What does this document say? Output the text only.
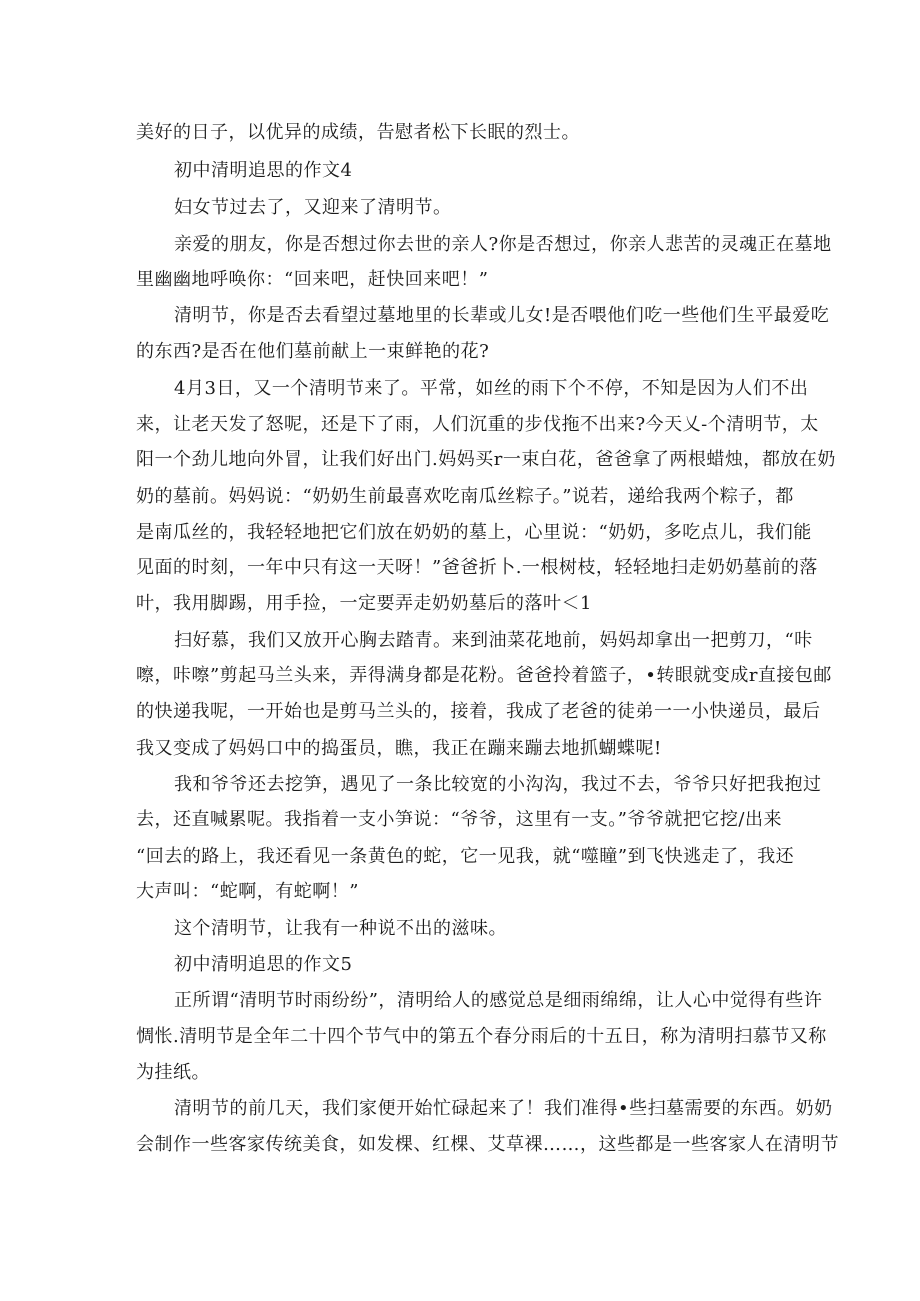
美好的日子，以优异的成绩，告慰者松下长眠的烈士。
初中清明追思的作文4
妇女节过去了，又迎来了清明节。
亲爱的朋友，你是否想过你去世的亲人?你是否想过，你亲人悲苦的灵魂正在墓地
里幽幽地呼唤你：“回来吧，赶快回来吧！”
清明节，你是否去看望过墓地里的长辈或儿女!是否喂他们吃一些他们生平最爱吃
的东西?是否在他们墓前献上一束鲜艳的花?
4月3日，又一个清明节来了。平常，如丝的雨下个不停，不知是因为人们不出
来，让老天发了怒呢，还是下了雨，人们沉重的步伐拖不出来?今天乂-个清明节，太
阳一个劲儿地向外冒，让我们好出门.妈妈买r一束白花，爸爸拿了两根蜡烛，都放在奶
奶的墓前。妈妈说：“奶奶生前最喜欢吃南瓜丝粽子。”说若，递给我两个粽子，都
是南瓜丝的，我轻轻地把它们放在奶奶的墓上，心里说：“奶奶，多吃点儿，我们能
见面的时刻，一年中只有这一天呀！”爸爸折卜.一根树枝，轻轻地扫走奶奶墓前的落
叶，我用脚踢，用手捡，一定要弄走奶奶墓后的落叶＜1
扫好慕，我们又放开心胸去踏青。来到油菜花地前，妈妈却拿出一把剪刀，“咔
嚓，咔嚓”剪起马兰头来，弄得满身都是花粉。爸爸拎着篮子，•转眼就变成r直接包邮
的快递我呢，一开始也是剪马兰头的，接着，我成了老爸的徒弟一一小快递员，最后
我又变成了妈妈口中的捣蛋员，瞧，我正在蹦来蹦去地抓蝴蝶呢!
我和爷爷还去挖笋，遇见了一条比较宽的小沟沟，我过不去，爷爷只好把我抱过
去，还直喊累呢。我指着一支小笋说：“爷爷，这里有一支。”爷爷就把它挖/出来
“回去的路上，我还看见一条黄色的蛇，它一见我，就“噬瞳”到飞快逃走了，我还
大声叫：“蛇啊，有蛇啊！”
这个清明节，让我有一种说不出的滋味。
初中清明追思的作文5
正所谓“清明节时雨纷纷”，清明给人的感觉总是细雨绵绵，让人心中觉得有些许
惆怅.清明节是全年二十四个节气中的第五个春分雨后的十五日，称为清明扫慕节又称
为挂纸。
清明节的前几天，我们家便开始忙碌起来了！我们准得•些扫墓需要的东西。奶奶
会制作一些客家传统美食，如发棵、红棵、艾草裸……，这些都是一些客家人在清明节
